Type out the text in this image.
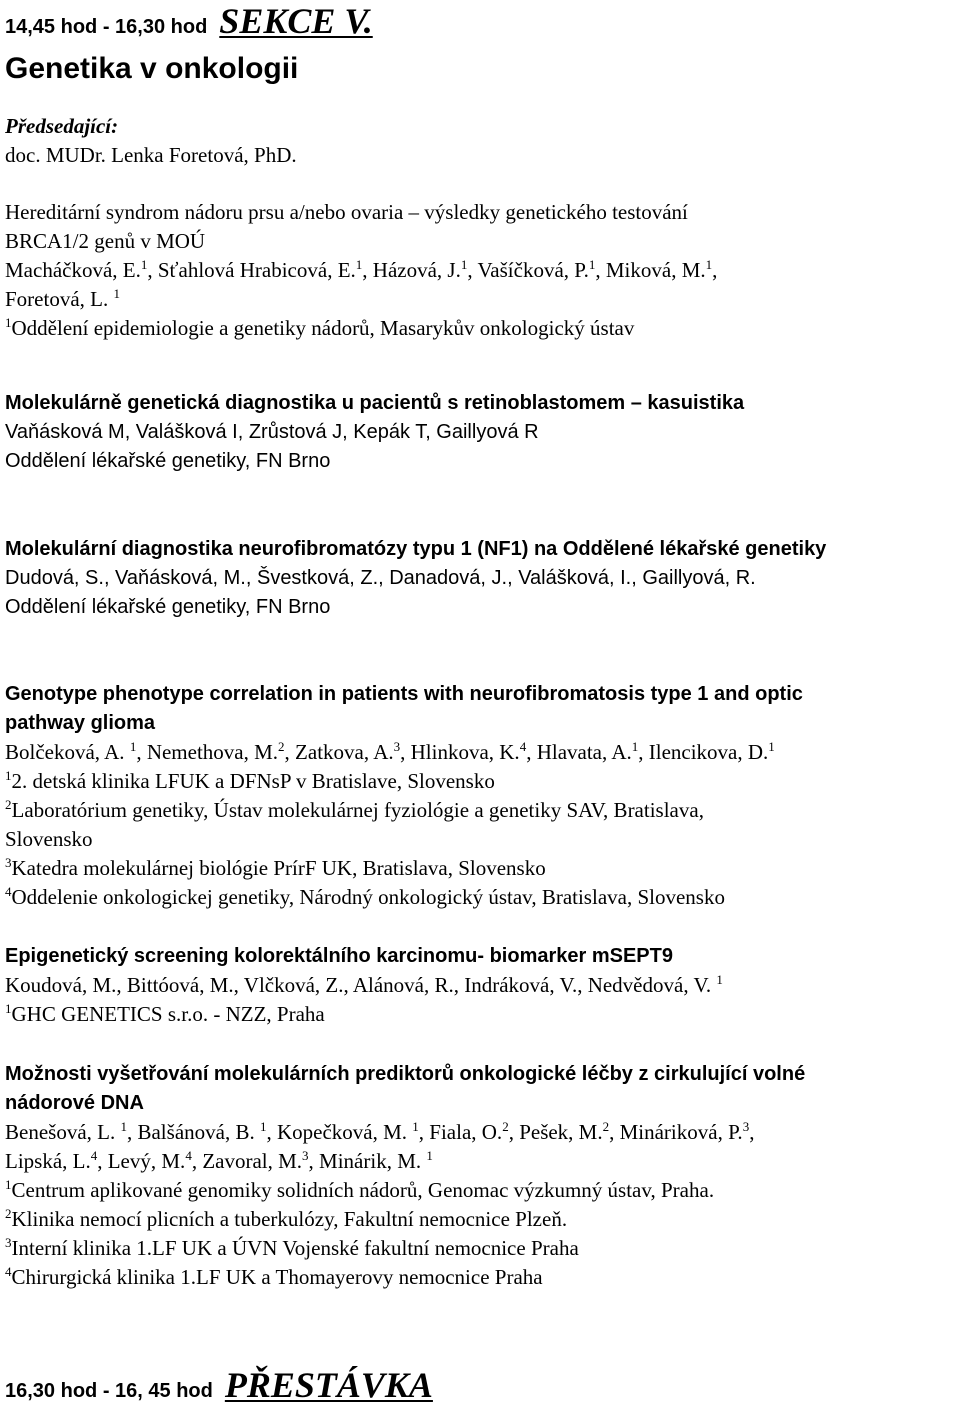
14,45 hod - 16,30 hod SEKCE V.
Genetika v onkologii
Předsedající:
doc. MUDr. Lenka Foretová, PhD.
Hereditární syndrom nádoru prsu a/nebo ovaria – výsledky genetického testování
BRCA1/2 genů v MOÚ
Macháčková, E.$^1$, Sťahlová Hrabicová, E.$^1$, Házová, J.$^1$, Vašíčková, P.$^1$, Miková, M.$^1$,
Foretová, L. $^1$
$^1$Oddělení epidemiologie a genetiky nádorů, Masarykův onkologický ústav
Molekulárně genetická diagnostika u pacientů s retinoblastomem – kasuistika
Vaňásková M, Valášková I, Zrůstová J, Kepák T, Gaillyová R
Oddělení lékařské genetiky, FN Brno
Molekulární diagnostika neurofibromatózy typu 1 (NF1) na Oddělené lékařské genetiky
Dudová, S., Vaňásková, M., Švestková, Z., Danadová, J., Valášková, I., Gaillyová, R.
Oddělení lékařské genetiky, FN Brno
Genotype phenotype correlation in patients with neurofibromatosis type 1 and optic
pathway glioma
Bolčeková, A. $^1$, Nemethova, M.$^2$, Zatkova, A.$^3$, Hlinkova, K.$^4$, Hlavata, A.$^1$, Ilencikova, D.$^1$
$^1$2. detská klinika LFUK a DFNsP v Bratislave, Slovensko
$^2$Laboratórium genetiky, Ústav molekulárnej fyziológie a genetiky SAV, Bratislava,
Slovensko
$^3$Katedra molekulárnej biológie PrírF UK, Bratislava, Slovensko
$^4$Oddelenie onkologickej genetiky, Národný onkologický ústav, Bratislava, Slovensko
Epigenetický screening kolorektálního karcinomu- biomarker mSEPT9
Koudová, M., Bittóová, M., Vlčková, Z., Alánová, R., Indráková, V., Nedvědová, V. $^1$
$^1$GHC GENETICS s.r.o. - NZZ, Praha
Možnosti vyšetřování molekulárních prediktorů onkologické léčby z cirkulující volné
nádorové DNA
Benešová, L. $^1$, Balšánová, B. $^1$, Kopečková, M. $^1$, Fiala, O.$^2$, Pešek, M.$^2$, Mináriková, P.$^3$,
Lipská, L.$^4$, Levý, M.$^4$, Zavoral, M.$^3$, Minárik, M. $^1$
$^1$Centrum aplikované genomiky solidních nádorů, Genomac výzkumný ústav, Praha.
$^2$Klinika nemocí plicních a tuberkulózy, Fakultní nemocnice Plzeň.
$^3$Interní klinika 1.LF UK a ÚVN Vojenské fakultní nemocnice Praha
$^4$Chirurgická klinika 1.LF UK a Thomayerovy nemocnice Praha
16,30 hod - 16, 45 hod PŘESTÁVKA
